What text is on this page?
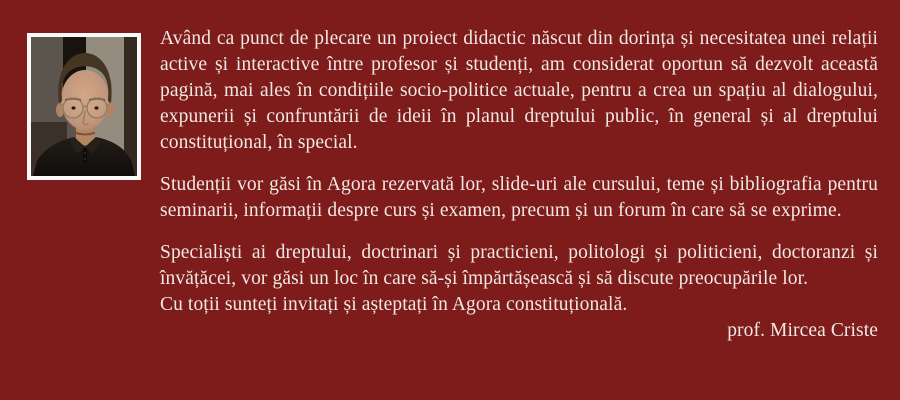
Având ca punct de plecare un proiect didactic născut din dorința și necesitatea unei relații active și interactive între profesor și studenți, am considerat oportun să dezvolt această pagină, mai ales în condițiile socio-politice actuale, pentru a crea un spațiu al dialogului, expunerii și confruntării de ideii în planul dreptului public, în general și al dreptului constituțional, în special.

Studenții vor găsi în Agora rezervată lor, slide-uri ale cursului, teme și bibliografia pentru seminarii, informații despre curs și examen, precum și un forum în care să se exprime.

Specialiști ai dreptului, doctrinari și practicieni, politologi și politicieni, doctoranzi și învățăcei, vor găsi un loc în care să-și împărtășească și să discute preocupările lor.

Cu toții sunteți invitați și așteptați în Agora constituțională.

prof. Mircea Criste
